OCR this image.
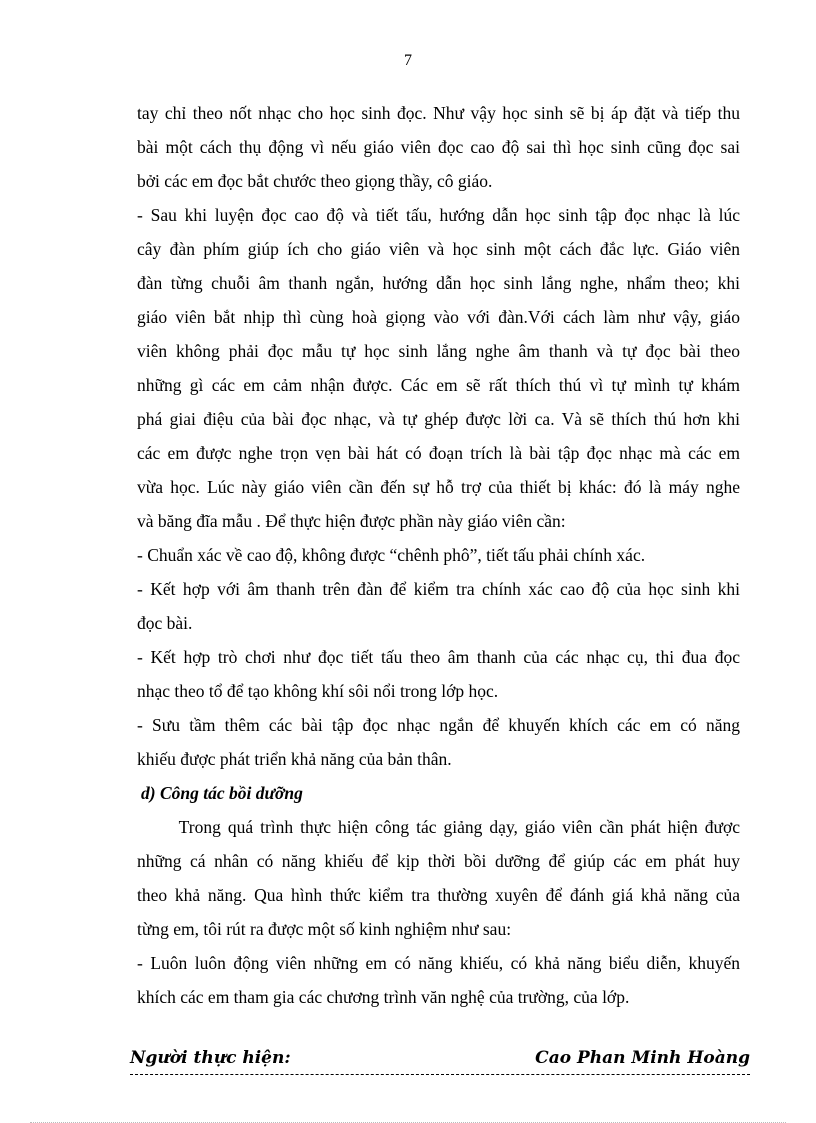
7
tay chỉ theo nốt nhạc cho học sinh đọc. Như vậy học sinh sẽ bị áp đặt và tiếp thu
bài một cách thụ động vì nếu giáo viên đọc cao độ sai thì học sinh cũng đọc sai
bởi các em đọc bắt chước theo giọng thầy, cô giáo.
- Sau khi luyện đọc cao độ và tiết tấu, hướng dẫn học sinh tập đọc nhạc là lúc
cây đàn phím giúp ích cho giáo viên và học sinh một cách đắc lực. Giáo viên
đàn từng chuỗi âm thanh ngắn, hướng dẫn học sinh lắng nghe, nhẩm theo; khi
giáo viên bắt nhịp thì cùng hoà giọng vào với đàn.Với cách làm như vậy, giáo
viên không phải đọc mẫu tự học sinh lắng nghe âm thanh và tự đọc bài theo
những gì các em cảm nhận được. Các em sẽ rất thích thú vì tự mình tự khám
phá giai điệu của bài đọc nhạc, và tự ghép được lời ca. Và sẽ thích thú hơn khi
các em được nghe trọn vẹn bài hát có đoạn trích là bài tập đọc nhạc mà các em
vừa học. Lúc này giáo viên cần đến sự hỗ trợ của thiết bị khác: đó là máy nghe
và băng đĩa mẫu . Để thực hiện được phần này giáo viên cần:
- Chuẩn xác về cao độ, không được “chênh phô”, tiết tấu phải chính xác.
- Kết hợp với âm thanh trên đàn để kiểm tra chính xác cao độ của học sinh khi
đọc bài.
- Kết hợp trò chơi như đọc tiết tấu theo âm thanh của các nhạc cụ, thi đua đọc
nhạc theo tổ để tạo không khí sôi nổi trong lớp học.
- Sưu tầm thêm các bài tập đọc nhạc ngắn để khuyến khích các em có năng
khiếu được phát triển khả năng của bản thân.
d) Công tác bồi dưỡng
Trong quá trình thực hiện công tác giảng dạy, giáo viên cần phát hiện được
những cá nhân có năng khiếu để kịp thời bồi dưỡng để giúp các em phát huy
theo khả năng. Qua hình thức kiểm tra thường xuyên để đánh giá khả năng của
từng em, tôi rút ra được một số kinh nghiệm như sau:
- Luôn luôn động viên những em có năng khiếu, có khả năng biểu diễn, khuyến
khích các em tham gia các chương trình văn nghệ của trường, của lớp.
Người thực hiện:	Cao Phan Minh Hoàng
